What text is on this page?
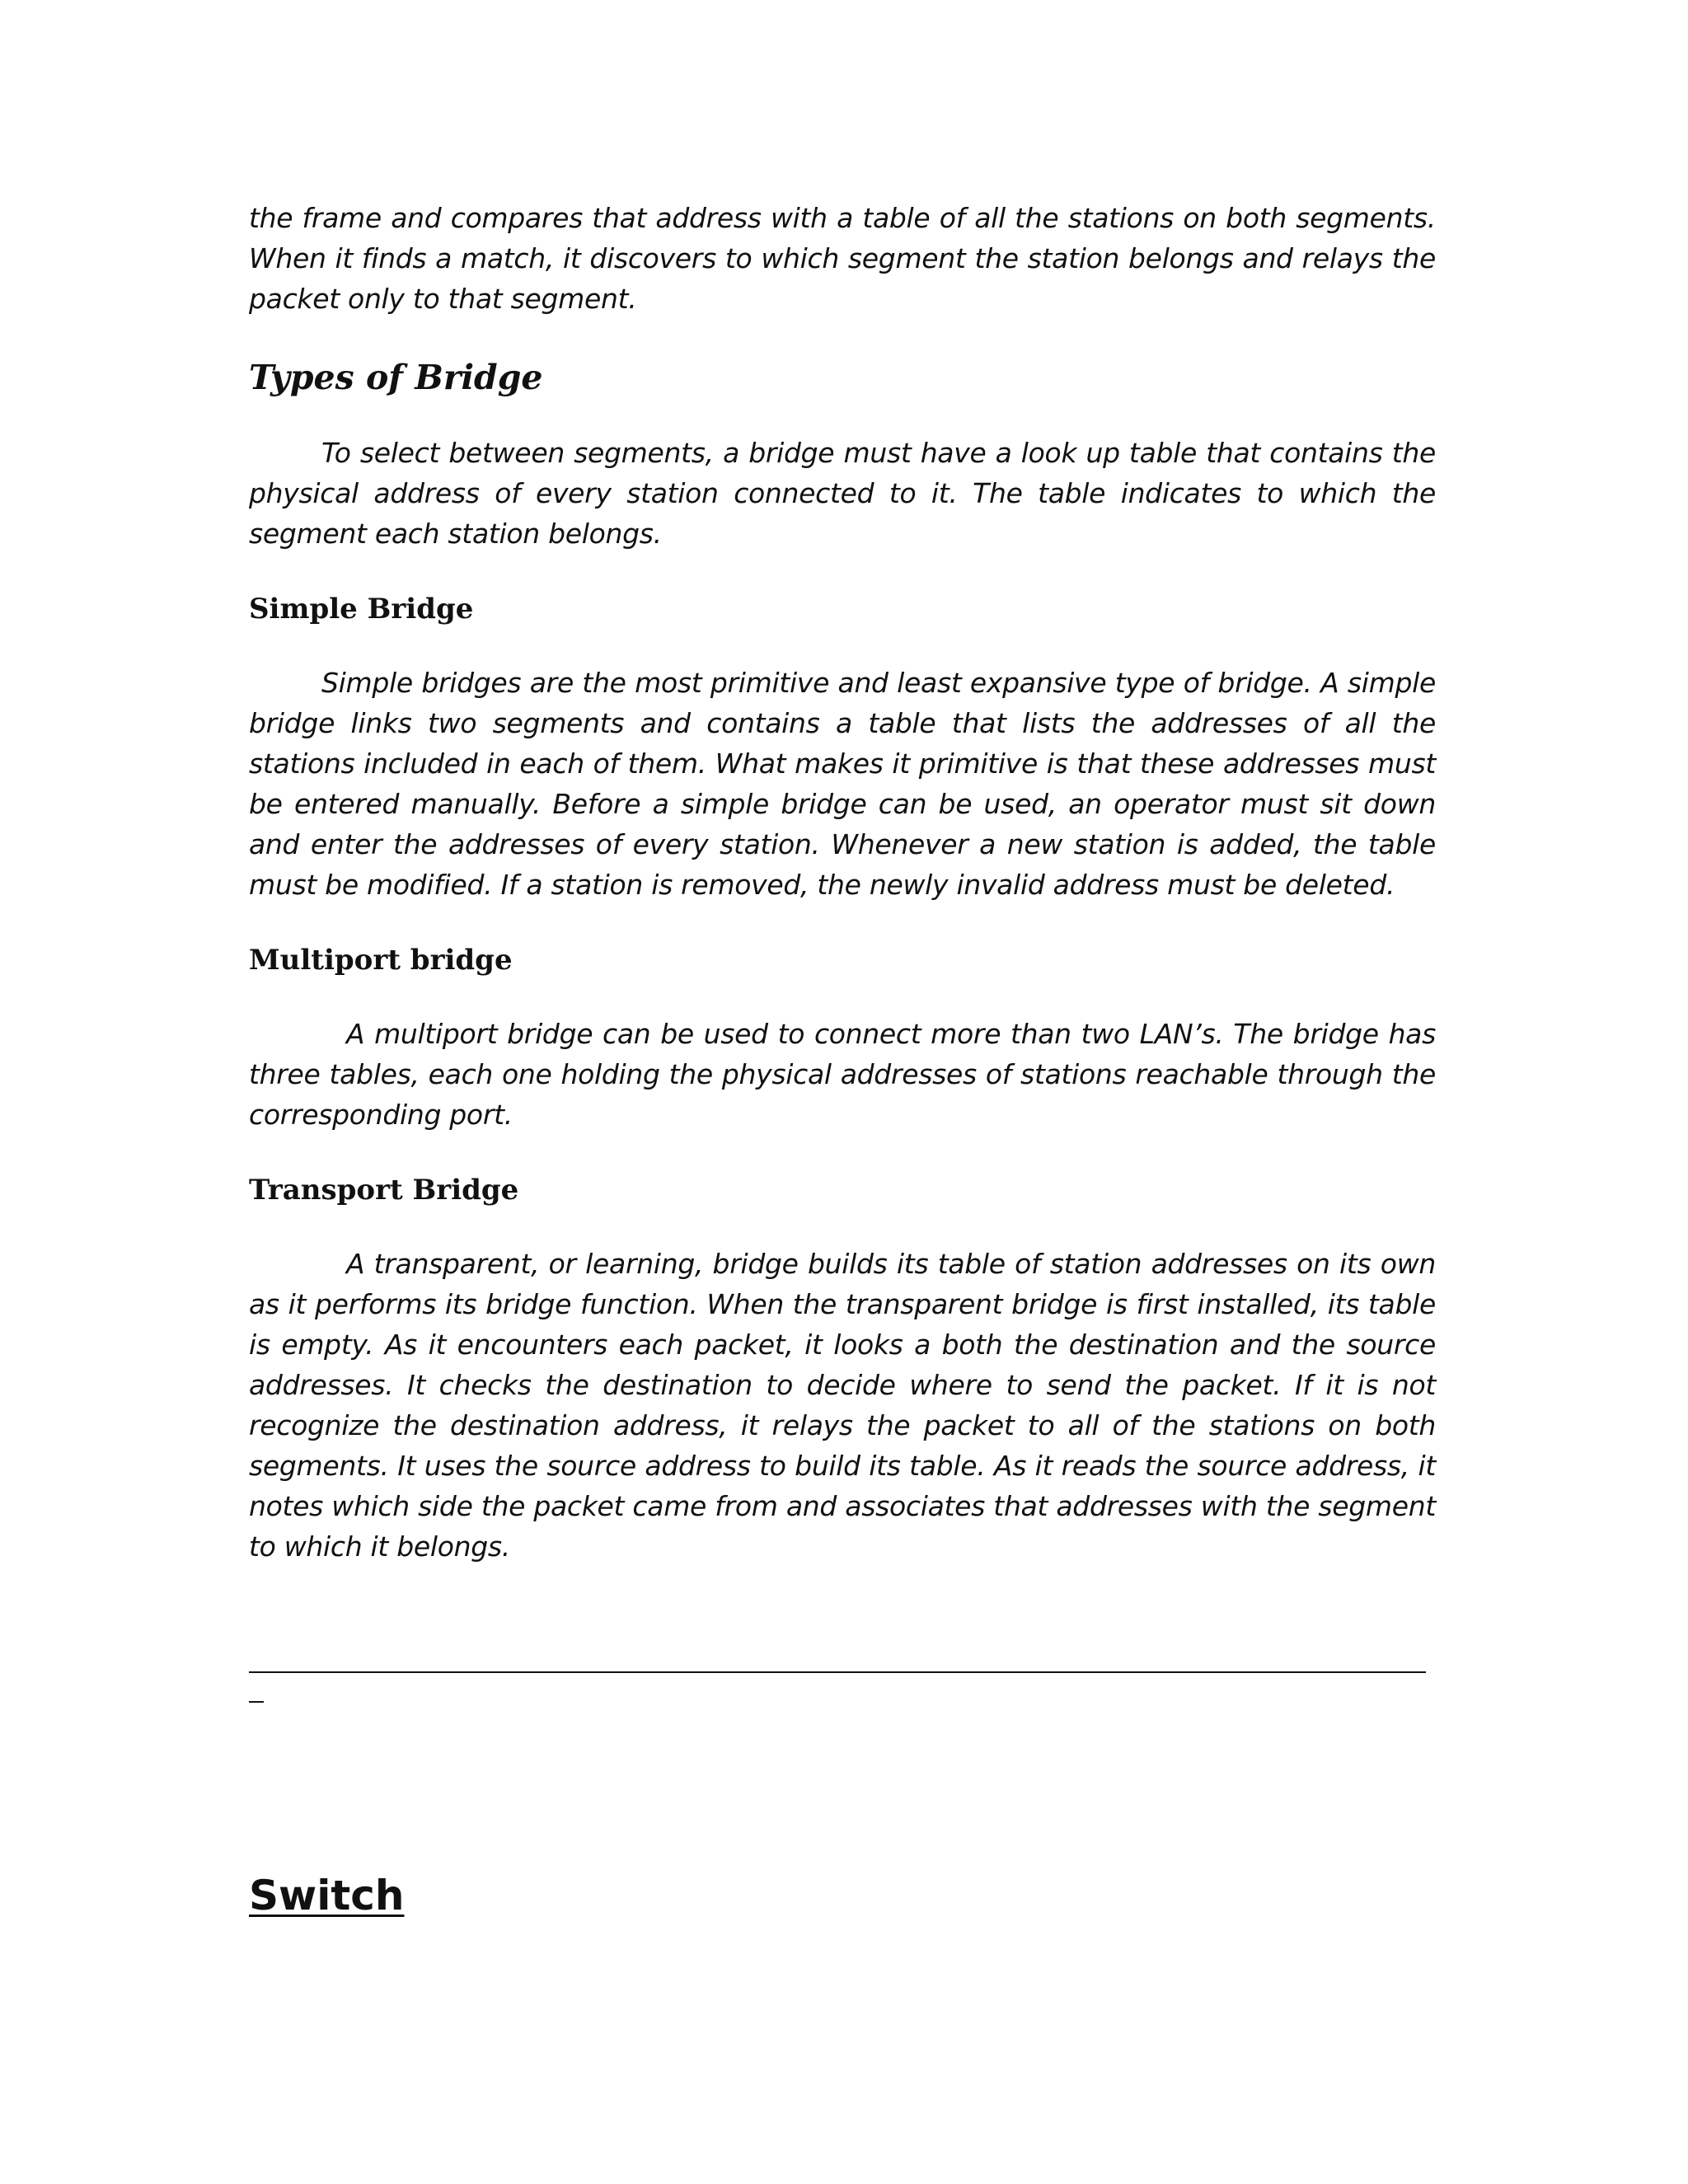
the frame and compares that address with a table of all the stations on both segments. When it finds a match, it discovers to which segment the station belongs and relays the packet only to that segment.

Types of Bridge

To select between segments, a bridge must have a look up table that contains the physical address of every station connected to it. The table indicates to which the segment each station belongs.

Simple Bridge

Simple bridges are the most primitive and least expansive type of bridge. A simple bridge links two segments and contains a table that lists the addresses of all the stations included in each of them. What makes it primitive is that these addresses must be entered manually. Before a simple bridge can be used, an operator must sit down and enter the addresses of every station. Whenever a new station is added, the table must be modified. If a station is removed, the newly invalid address must be deleted.

Multiport bridge

A multiport bridge can be used to connect more than two LAN’s. The bridge has three tables, each one holding the physical addresses of stations reachable through the corresponding port.

Transport Bridge

A transparent, or learning, bridge builds its table of station addresses on its own as it performs its bridge function. When the transparent bridge is first installed, its table is empty. As it encounters each packet, it looks a both the destination and the source addresses. It checks the destination to decide where to send the packet. If it is not recognize the destination address, it relays the packet to all of the stations on both segments. It uses the source address to build its table. As it reads the source address, it notes which side the packet came from and associates that addresses with the segment to which it belongs.

Switch
